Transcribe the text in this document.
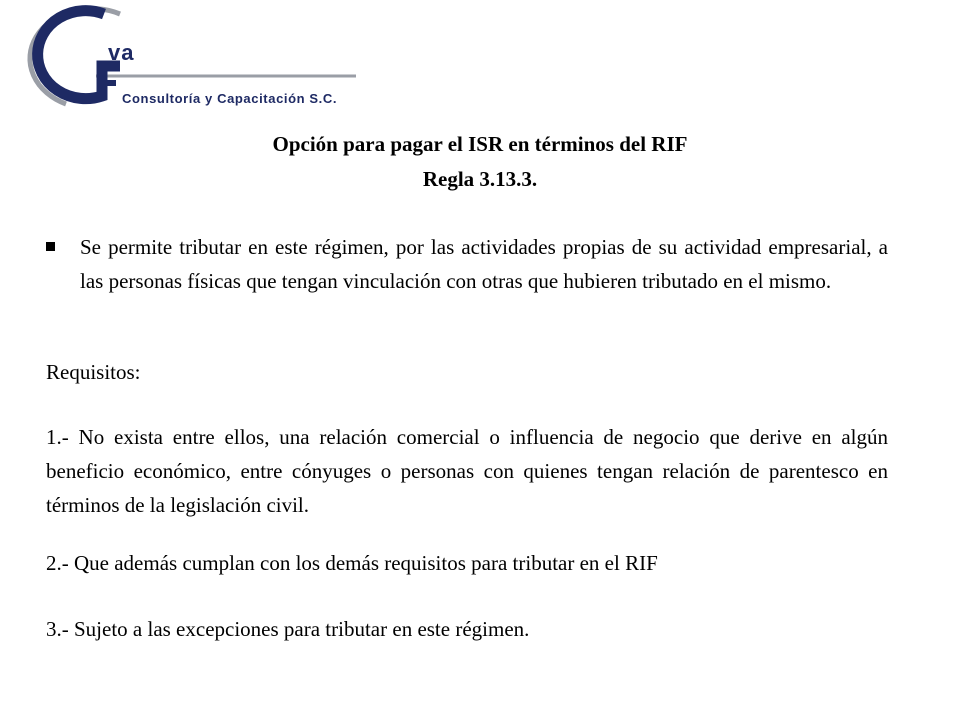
va
Consultoría y Capacitación S.C.
Opción para pagar el ISR en términos del RIF
Regla 3.13.3.
Se permite tributar en este régimen, por las actividades propias de su actividad empresarial, a las personas físicas que tengan vinculación con otras que hubieren tributado en el mismo.
Requisitos:
1.- No exista entre ellos, una relación comercial o influencia de negocio que derive en algún beneficio económico, entre cónyuges o personas con quienes tengan relación de parentesco en términos de la legislación civil.
2.- Que además cumplan con los demás requisitos para tributar en el RIF
3.- Sujeto a las excepciones para tributar en este régimen.
